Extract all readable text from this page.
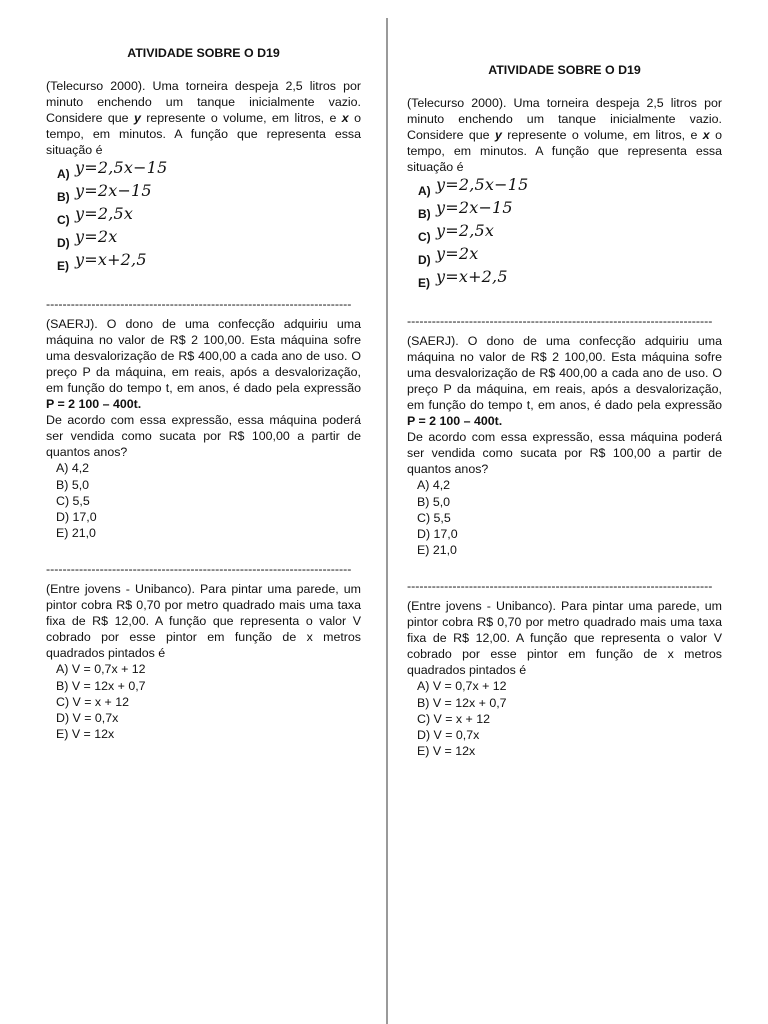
ATIVIDADE SOBRE O D19

(Telecurso 2000). Uma torneira despeja 2,5 litros por minuto enchendo um tanque inicialmente vazio. Considere que y represente o volume, em litros, e x o tempo, em minutos. A função que representa essa situação é

A) y=2,5x−15
B) y=2x−15
C) y=2,5x
D) y=2x
E) y=x+2,5
--------------------------------------------------------------------------

(SAERJ). O dono de uma confecção adquiriu uma máquina no valor de R$ 2 100,00. Esta máquina sofre uma desvalorização de R$ 400,00 a cada ano de uso. O preço P da máquina, em reais, após a desvalorização, em função do tempo t, em anos, é dado pela expressão P = 2 100 – 400t.

De acordo com essa expressão, essa máquina poderá ser vendida como sucata por R$ 100,00 a partir de quantos anos?

A) 4,2
B) 5,0
C) 5,5
D) 17,0
E) 21,0
--------------------------------------------------------------------------

(Entre jovens - Unibanco). Para pintar uma parede, um pintor cobra R$ 0,70 por metro quadrado mais uma taxa fixa de R$ 12,00. A função que representa o valor V cobrado por esse pintor em função de x metros quadrados pintados é

A) V = 0,7x + 12
B) V = 12x + 0,7
C) V = x + 12
D) V = 0,7x
E) V = 12x
ATIVIDADE SOBRE O D19

(Telecurso 2000). Uma torneira despeja 2,5 litros por minuto enchendo um tanque inicialmente vazio. Considere que y represente o volume, em litros, e x o tempo, em minutos. A função que representa essa situação é

A) y=2,5x−15
B) y=2x−15
C) y=2,5x
D) y=2x
E) y=x+2,5
--------------------------------------------------------------------------

(SAERJ). O dono de uma confecção adquiriu uma máquina no valor de R$ 2 100,00. Esta máquina sofre uma desvalorização de R$ 400,00 a cada ano de uso. O preço P da máquina, em reais, após a desvalorização, em função do tempo t, em anos, é dado pela expressão P = 2 100 – 400t.

De acordo com essa expressão, essa máquina poderá ser vendida como sucata por R$ 100,00 a partir de quantos anos?

A) 4,2
B) 5,0
C) 5,5
D) 17,0
E) 21,0
--------------------------------------------------------------------------

(Entre jovens - Unibanco). Para pintar uma parede, um pintor cobra R$ 0,70 por metro quadrado mais uma taxa fixa de R$ 12,00. A função que representa o valor V cobrado por esse pintor em função de x metros quadrados pintados é

A) V = 0,7x + 12
B) V = 12x + 0,7
C) V = x + 12
D) V = 0,7x
E) V = 12x
